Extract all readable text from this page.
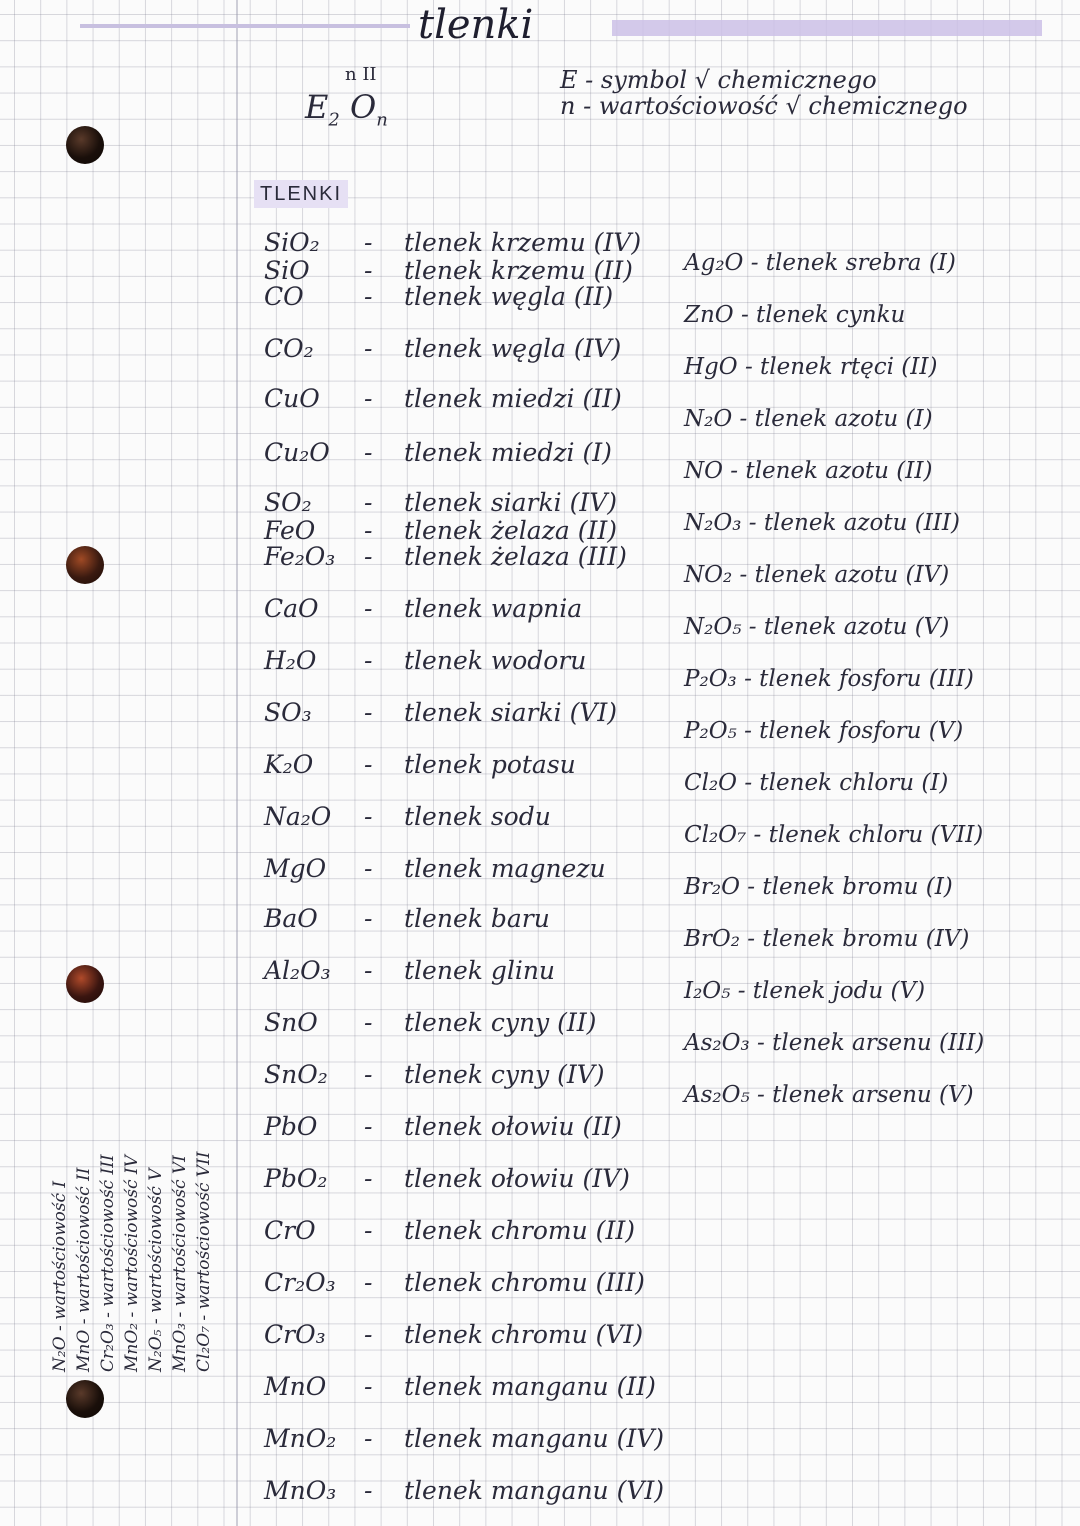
tlenki
$E_2$ $O_n$
n II	E - symbol √ chemicznego
n - wartościowość √ chemicznego
TLENKI
SiO₂ - tlenek krzemu (IV)
SiO - tlenek krzemu (II)
CO - tlenek węgla (II)
CO₂ - tlenek węgla (IV)
CuO - tlenek miedzi (II)
Cu₂O - tlenek miedzi (I)
SO₂ - tlenek siarki (IV)
FeO - tlenek żelaza (II)
Fe₂O₃ - tlenek żelaza (III)
CaO - tlenek wapnia
H₂O - tlenek wodoru
SO₃ - tlenek siarki (VI)
K₂O - tlenek potasu
Na₂O - tlenek sodu
MgO - tlenek magnezu
BaO - tlenek baru
Al₂O₃ - tlenek glinu
SnO - tlenek cyny (II)
SnO₂ - tlenek cyny (IV)
PbO - tlenek ołowiu (II)
PbO₂ - tlenek ołowiu (IV)
CrO - tlenek chromu (II)
Cr₂O₃ - tlenek chromu (III)
CrO₃ - tlenek chromu (VI)
MnO - tlenek manganu (II)
MnO₂ - tlenek manganu (IV)
MnO₃ - tlenek manganu (VI)
Ag₂O - tlenek srebra (I)
ZnO - tlenek cynku
HgO - tlenek rtęci (II)
N₂O - tlenek azotu (I)
NO - tlenek azotu (II)
N₂O₃ - tlenek azotu (III)
NO₂ - tlenek azotu (IV)
N₂O₅ - tlenek azotu (V)
P₂O₃ - tlenek fosforu (III)
P₂O₅ - tlenek fosforu (V)
Cl₂O - tlenek chloru (I)
Cl₂O₇ - tlenek chloru (VII)
Br₂O - tlenek bromu (I)
BrO₂ - tlenek bromu (IV)
I₂O₅ - tlenek jodu (V)
As₂O₃ - tlenek arsenu (III)
As₂O₅ - tlenek arsenu (V)
N₂O - wartościowość I MnO - wartościowość II Cr₂O₃ - wartościowość III MnO₂ - wartościowość IV N₂O₅ - wartościowość V MnO₃ - wartościowość VI Cl₂O₇ - wartościowość VII
